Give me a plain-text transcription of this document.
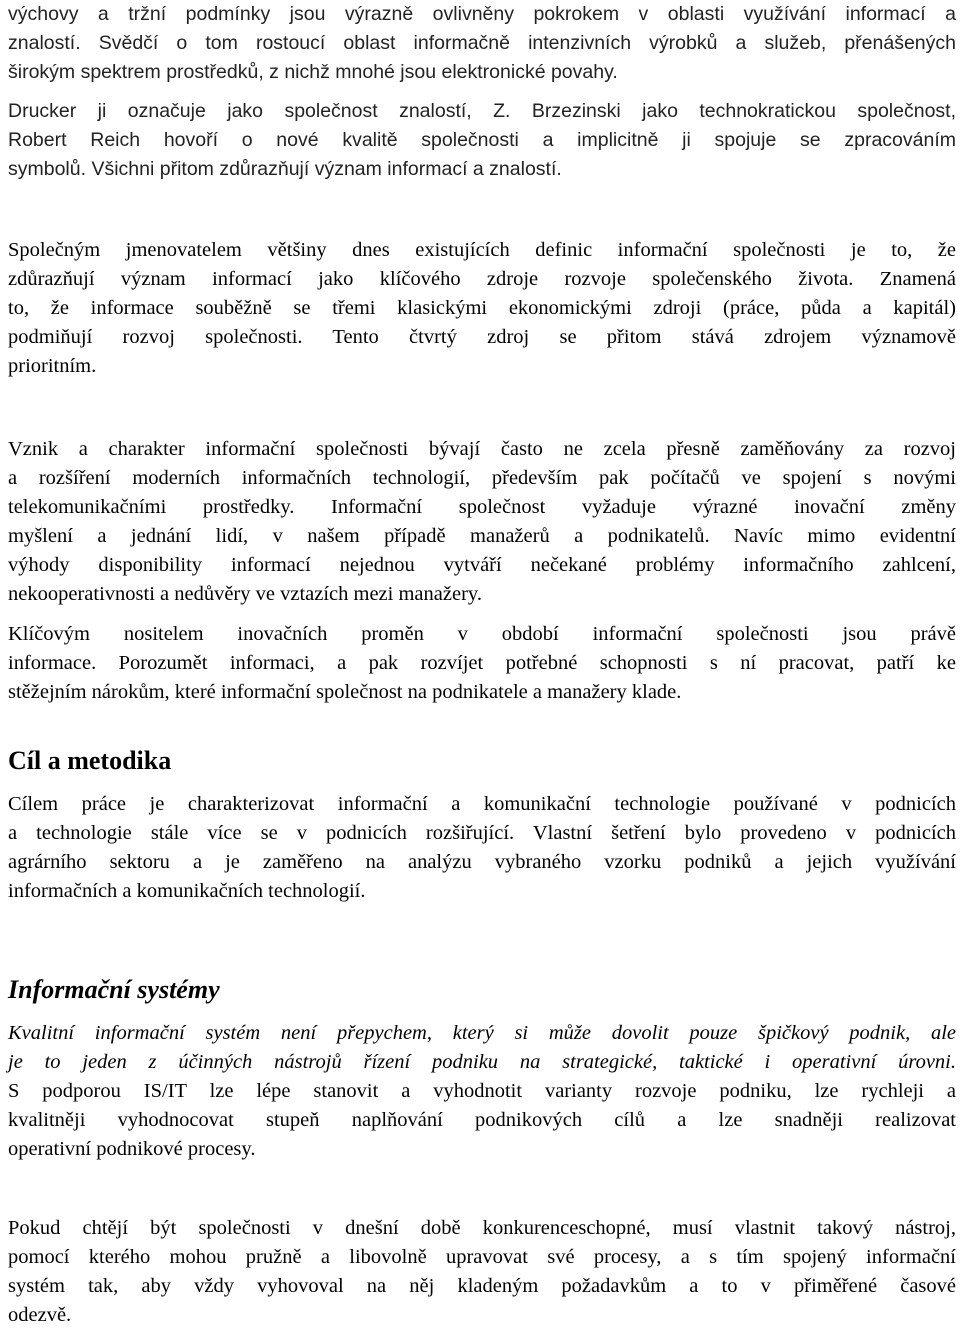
výchovy a tržní podmínky jsou výrazně ovlivněny pokrokem v oblasti využívání informací a
znalostí. Svědčí o tom rostoucí oblast informačně intenzivních výrobků a služeb, přenášených
širokým spektrem prostředků, z nichž mnohé jsou elektronické povahy.
Drucker ji označuje jako společnost znalostí, Z. Brzezinski jako technokratickou společnost,
Robert Reich hovoří o nové kvalitě společnosti a implicitně ji spojuje se zpracováním
symbolů. Všichni přitom zdůrazňují význam informací a znalostí.
Společným jmenovatelem většiny dnes existujících definic informační společnosti je to, že
zdůrazňují význam informací jako klíčového zdroje rozvoje společenského života. Znamená
to, že informace souběžně se třemi klasickými ekonomickými zdroji (práce, půda a kapitál)
podmiňují rozvoj společnosti. Tento čtvrtý zdroj se přitom stává zdrojem významově
prioritním.
Vznik a charakter informační společnosti bývají často ne zcela přesně zaměňovány za rozvoj
a rozšíření moderních informačních technologií, především pak počítačů ve spojení s novými
telekomunikačními prostředky. Informační společnost vyžaduje výrazné inovační změny
myšlení a jednání lidí, v našem případě manažerů a podnikatelů. Navíc mimo evidentní
výhody disponibility informací nejednou vytváří nečekané problémy informačního zahlcení,
nekooperativnosti a nedůvěry ve vztazích mezi manažery.
Klíčovým nositelem inovačních proměn v období informační společnosti jsou právě
informace. Porozumět informaci, a pak rozvíjet potřebné schopnosti s ní pracovat, patří ke
stěžejním nárokům, které informační společnost na podnikatele a manažery klade.
Cíl a metodika
Cílem práce je charakterizovat informační a komunikační technologie používané v podnicích
a technologie stále více se v podnicích rozšiřující. Vlastní šetření bylo provedeno v podnicích
agrárního sektoru a je zaměřeno na analýzu vybraného vzorku podniků a jejich využívání
informačních a komunikačních technologií.
Informační systémy
Kvalitní informační systém není přepychem, který si může dovolit pouze špičkový podnik, ale
je to jeden z účinných nástrojů řízení podniku na strategické, taktické i operativní úrovni.
S podporou IS/IT lze lépe stanovit a vyhodnotit varianty rozvoje podniku, lze rychleji a
kvalitněji vyhodnocovat stupeň naplňování podnikových cílů a lze snadněji realizovat
operativní podnikové procesy.
Pokud chtějí být společnosti v dnešní době konkurenceschopné, musí vlastnit takový nástroj,
pomocí kterého mohou pružně a libovolně upravovat své procesy, a s tím spojený informační
systém tak, aby vždy vyhovoval na něj kladeným požadavkům a to v přiměřené časové
odezvě.
